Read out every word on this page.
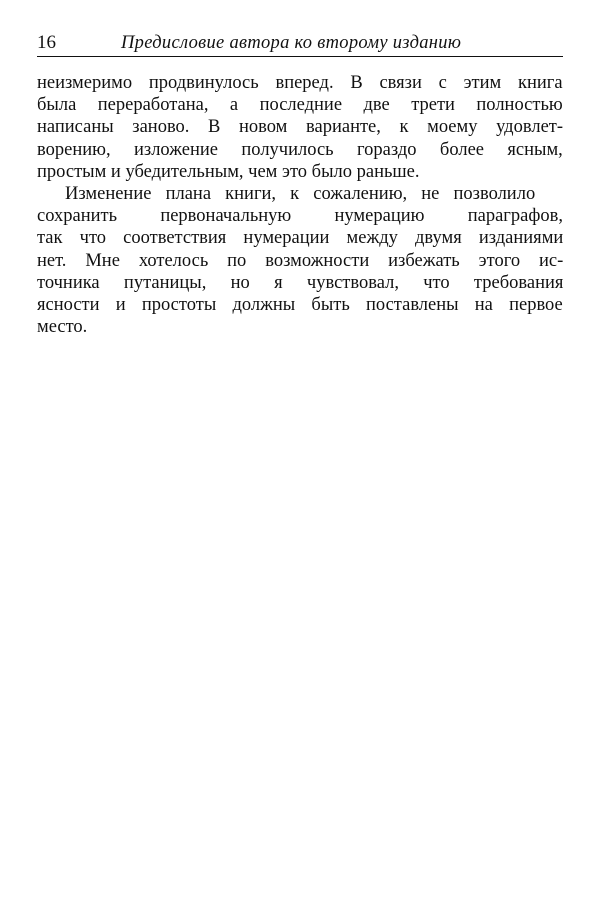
16	Предисловие автора ко второму изданию

неизмеримо продвинулось вперед. В связи с этим книга
была переработана, а последние две трети полностью
написаны заново. В новом варианте, к моему удовлет-
ворению, изложение получилось гораздо более ясным,
простым и убедительным, чем это было раньше.

Изменение плана книги, к сожалению, не позволило
сохранить первоначальную нумерацию параграфов,
так что соответствия нумерации между двумя изданиями
нет. Мне хотелось по возможности избежать этого ис-
точника путаницы, но я чувствовал, что требования
ясности и простоты должны быть поставлены на первое
место.
